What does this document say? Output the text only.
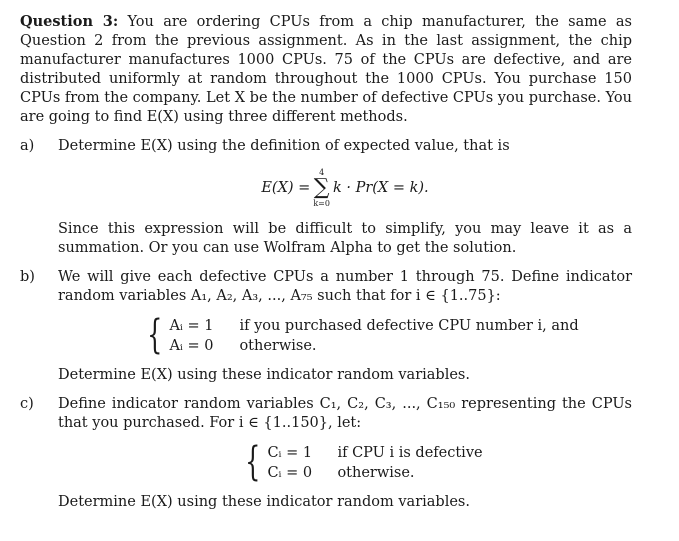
Question 3: You are ordering CPUs from a chip manufacturer, the same as Question 2 from the previous assignment. As in the last assignment, the chip manufacturer manufactures 1000 CPUs. 75 of the CPUs are defective, and are distributed uniformly at random throughout the 1000 CPUs. You purchase 150 CPUs from the company. Let X be the number of defective CPUs you purchase. You are going to find E(X) using three different methods.
a)	Determine E(X) using the definition of expected value, that is
E(X) =
4
∑
k=0
k · Pr(X = k).
Since this expression will be difficult to simplify, you may leave it as a summation. Or you can use Wolfram Alpha to get the solution.
b)	We will give each defective CPUs a number 1 through 75. Define indicator random variables A₁, A₂, A₃, ..., A₇₅ such that for i ∈ {1..75}:
{ Aᵢ = 1	if you purchased defective CPU number i, and
Aᵢ = 0	otherwise.
Determine E(X) using these indicator random variables.
c)	Define indicator random variables C₁, C₂, C₃, ..., C₁₅₀ representing the CPUs that you purchased. For i ∈ {1..150}, let:
{ Cᵢ = 1	if CPU i is defective
Cᵢ = 0	otherwise.
Determine E(X) using these indicator random variables.
